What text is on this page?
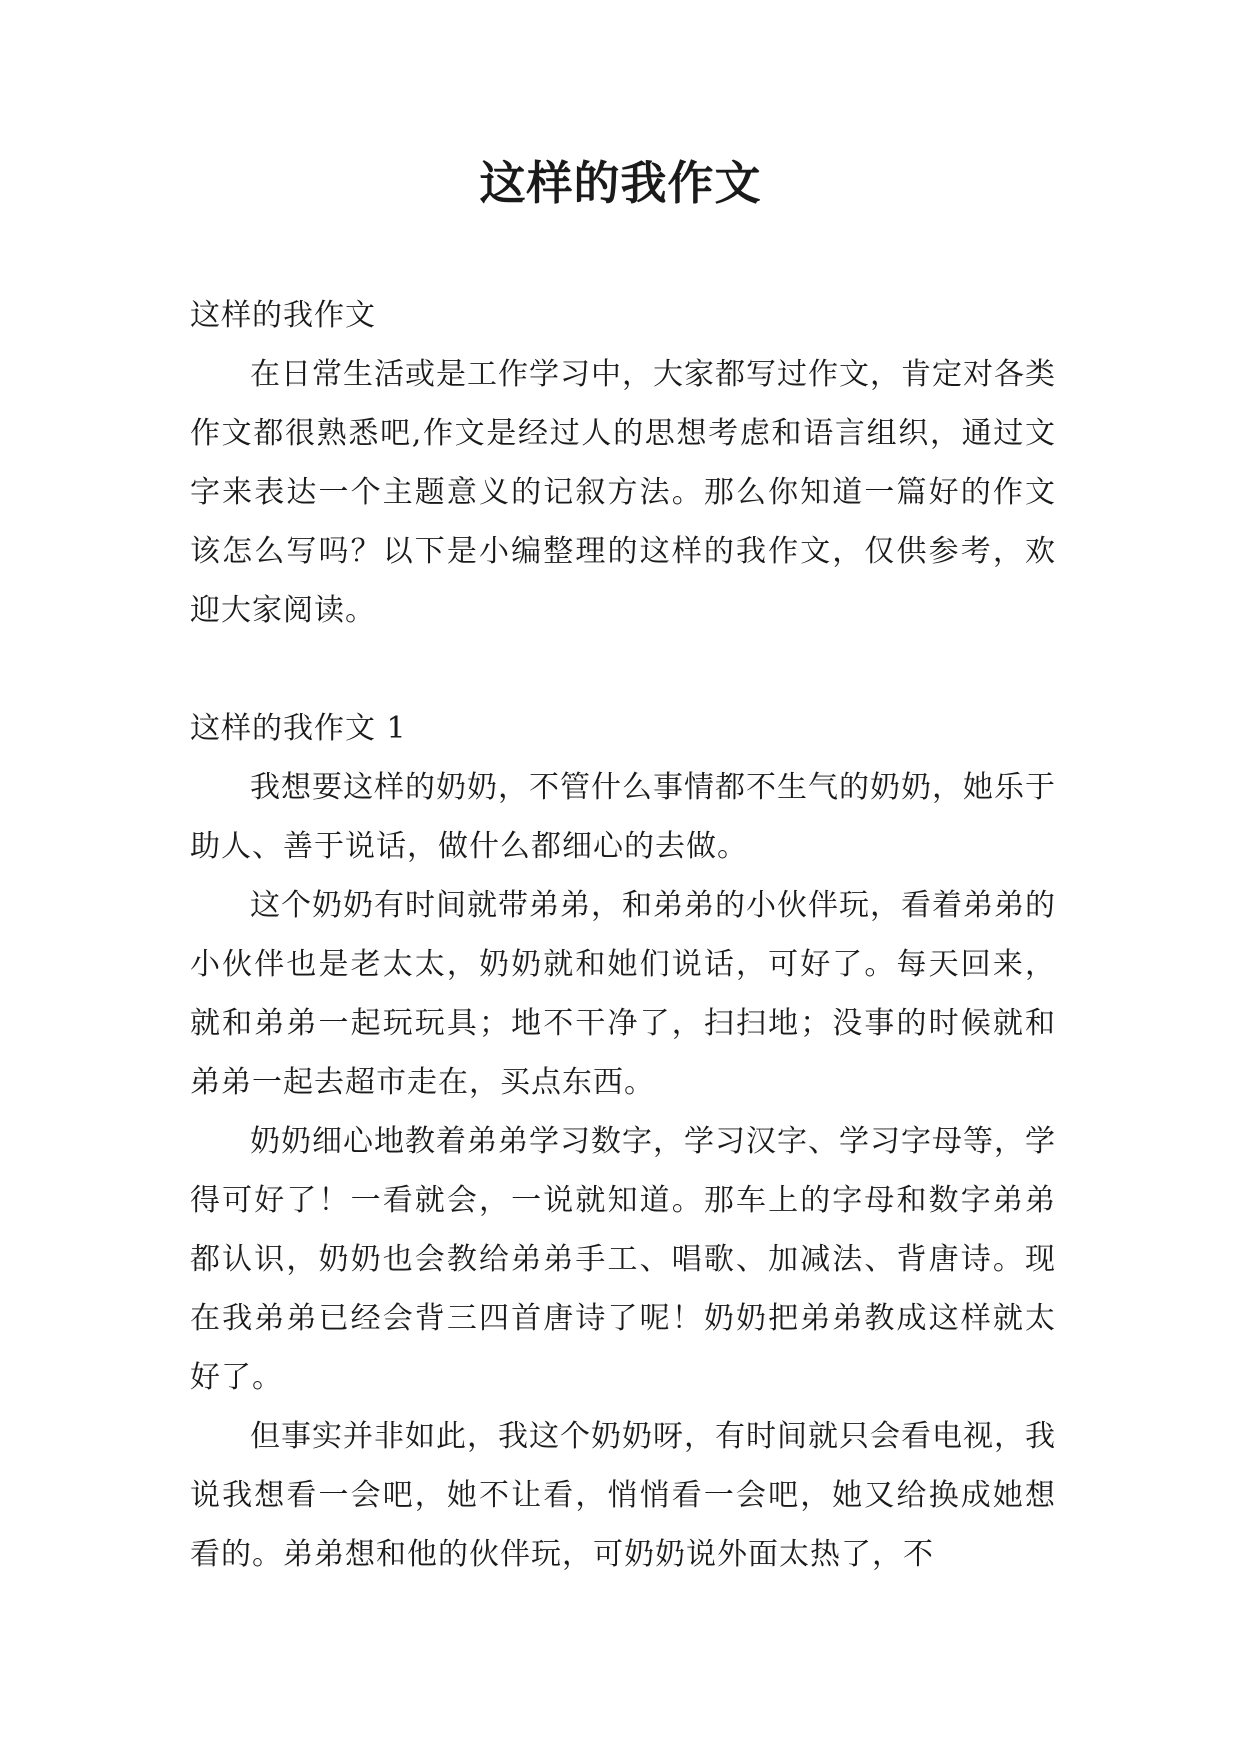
这样的我作文

这样的我作文

在日常生活或是工作学习中，大家都写过作文，肯定对各类作文都很熟悉吧,作文是经过人的思想考虑和语言组织，通过文字来表达一个主题意义的记叙方法。那么你知道一篇好的作文该怎么写吗？以下是小编整理的这样的我作文，仅供参考，欢迎大家阅读。

这样的我作文 1

我想要这样的奶奶，不管什么事情都不生气的奶奶，她乐于助人、善于说话，做什么都细心的去做。

这个奶奶有时间就带弟弟，和弟弟的小伙伴玩，看着弟弟的小伙伴也是老太太，奶奶就和她们说话，可好了。每天回来，就和弟弟一起玩玩具；地不干净了，扫扫地；没事的时候就和弟弟一起去超市走在，买点东西。

奶奶细心地教着弟弟学习数字，学习汉字、学习字母等，学得可好了！一看就会，一说就知道。那车上的字母和数字弟弟都认识，奶奶也会教给弟弟手工、唱歌、加减法、背唐诗。现在我弟弟已经会背三四首唐诗了呢！奶奶把弟弟教成这样就太好了。

但事实并非如此，我这个奶奶呀，有时间就只会看电视，我说我想看一会吧，她不让看，悄悄看一会吧，她又给换成她想看的。弟弟想和他的伙伴玩，可奶奶说外面太热了，不
